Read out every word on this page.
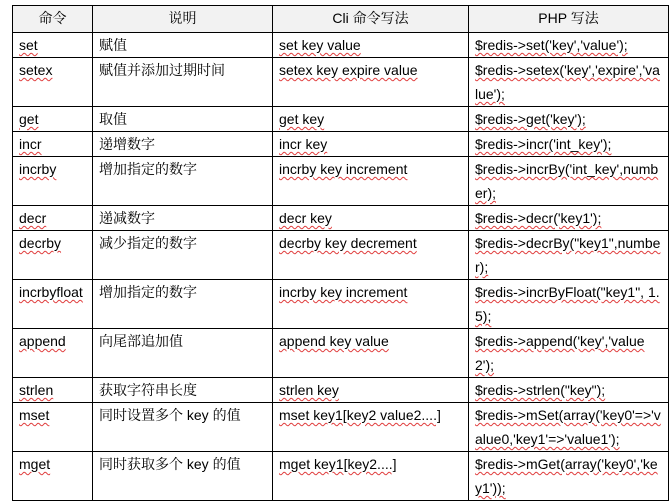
命令	说明	Cli 命令写法	PHP 写法
set	赋值	set key value	$redis->set('key','value');
setex	赋值并添加过期时间	setex key expire value	$redis->setex('key','expire','value');
get	取值	get key	$redis->get('key');
incr	递增数字	incr key	$redis->incr('int_key');
incrby	增加指定的数字	incrby key increment	$redis->incrBy('int_key',number);
decr	递减数字	decr key	$redis->decr('key1');
decrby	减少指定的数字	decrby key decrement	$redis->decrBy("key1",number);
incrbyfloat	增加指定的数字	incrby key increment	$redis->incrByFloat("key1", 1.5);
append	向尾部追加值	append key value	$redis->append('key','value2');
strlen	获取字符串长度	strlen key	$redis->strlen("key");
mset	同时设置多个 key 的值	mset key1[key2 value2....]	$redis->mSet(array('key0'=>'value0,'key1'=>'value1');
mget	同时获取多个 key 的值	mget key1[key2....]	$redis->mGet(array('key0','key1'));
